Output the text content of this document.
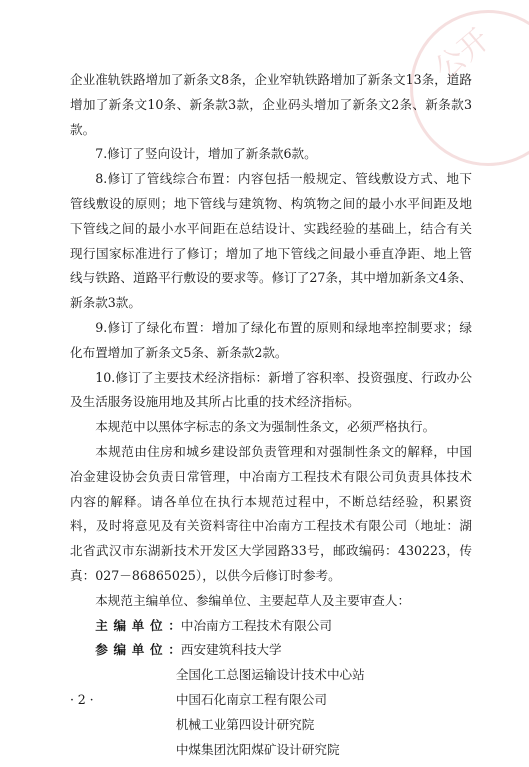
公开

企业准轨铁路增加了新条文8条，企业窄轨铁路增加了新条文13条，道路增加了新条文10条、新条款3款，企业码头增加了新条文2条、新条款3款。

7.修订了竖向设计，增加了新条款6款。

8.修订了管线综合布置：内容包括一般规定、管线敷设方式、地下管线敷设的原则；地下管线与建筑物、构筑物之间的最小水平间距及地下管线之间的最小水平间距在总结设计、实践经验的基础上，结合有关现行国家标准进行了修订；增加了地下管线之间最小垂直净距、地上管线与铁路、道路平行敷设的要求等。修订了27条，其中增加新条文4条、新条款3款。

9.修订了绿化布置：增加了绿化布置的原则和绿地率控制要求；绿化布置增加了新条文5条、新条款2款。

10.修订了主要技术经济指标：新增了容积率、投资强度、行政办公及生活服务设施用地及其所占比重的技术经济指标。

本规范中以黑体字标志的条文为强制性条文，必须严格执行。

本规范由住房和城乡建设部负责管理和对强制性条文的解释，中国冶金建设协会负责日常管理，中冶南方工程技术有限公司负责具体技术内容的解释。请各单位在执行本规范过程中，不断总结经验，积累资料，及时将意见及有关资料寄往中冶南方工程技术有限公司（地址：湖北省武汉市东湖新技术开发区大学园路33号，邮政编码：430223，传真：027－86865025），以供今后修订时参考。

本规范主编单位、参编单位、主要起草人及主要审查人：

主编单位： 中冶南方工程技术有限公司
参编单位： 西安建筑科技大学

全国化工总图运输设计技术中心站

中国石化南京工程有限公司

机械工业第四设计研究院

中煤集团沈阳煤矿设计研究院

·2·
